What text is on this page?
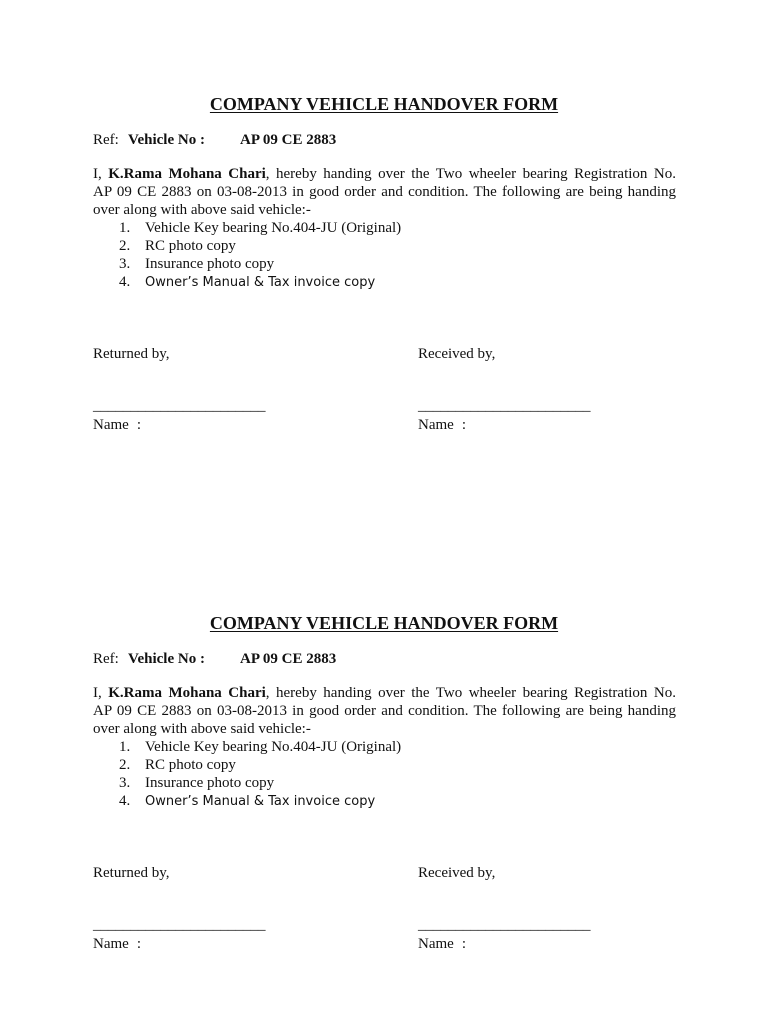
COMPANY VEHICLE HANDOVER FORM
Ref: Vehicle No : AP 09 CE 2883
I, K.Rama Mohana Chari, hereby handing over the Two wheeler bearing Registration No.
AP 09 CE 2883 on 03-08-2013 in good order and condition. The following are being handing
over along with above said vehicle:-
1. Vehicle Key bearing No.404-JU (Original)
2. RC photo copy
3. Insurance photo copy
4. Owner’s Manual & Tax invoice copy
Returned by,	Received by,
_______________________	_______________________
Name :	Name :
COMPANY VEHICLE HANDOVER FORM
Ref: Vehicle No : AP 09 CE 2883
I, K.Rama Mohana Chari, hereby handing over the Two wheeler bearing Registration No.
AP 09 CE 2883 on 03-08-2013 in good order and condition. The following are being handing
over along with above said vehicle:-
1. Vehicle Key bearing No.404-JU (Original)
2. RC photo copy
3. Insurance photo copy
4. Owner’s Manual & Tax invoice copy
Returned by,	Received by,
_______________________	_______________________
Name :	Name :
